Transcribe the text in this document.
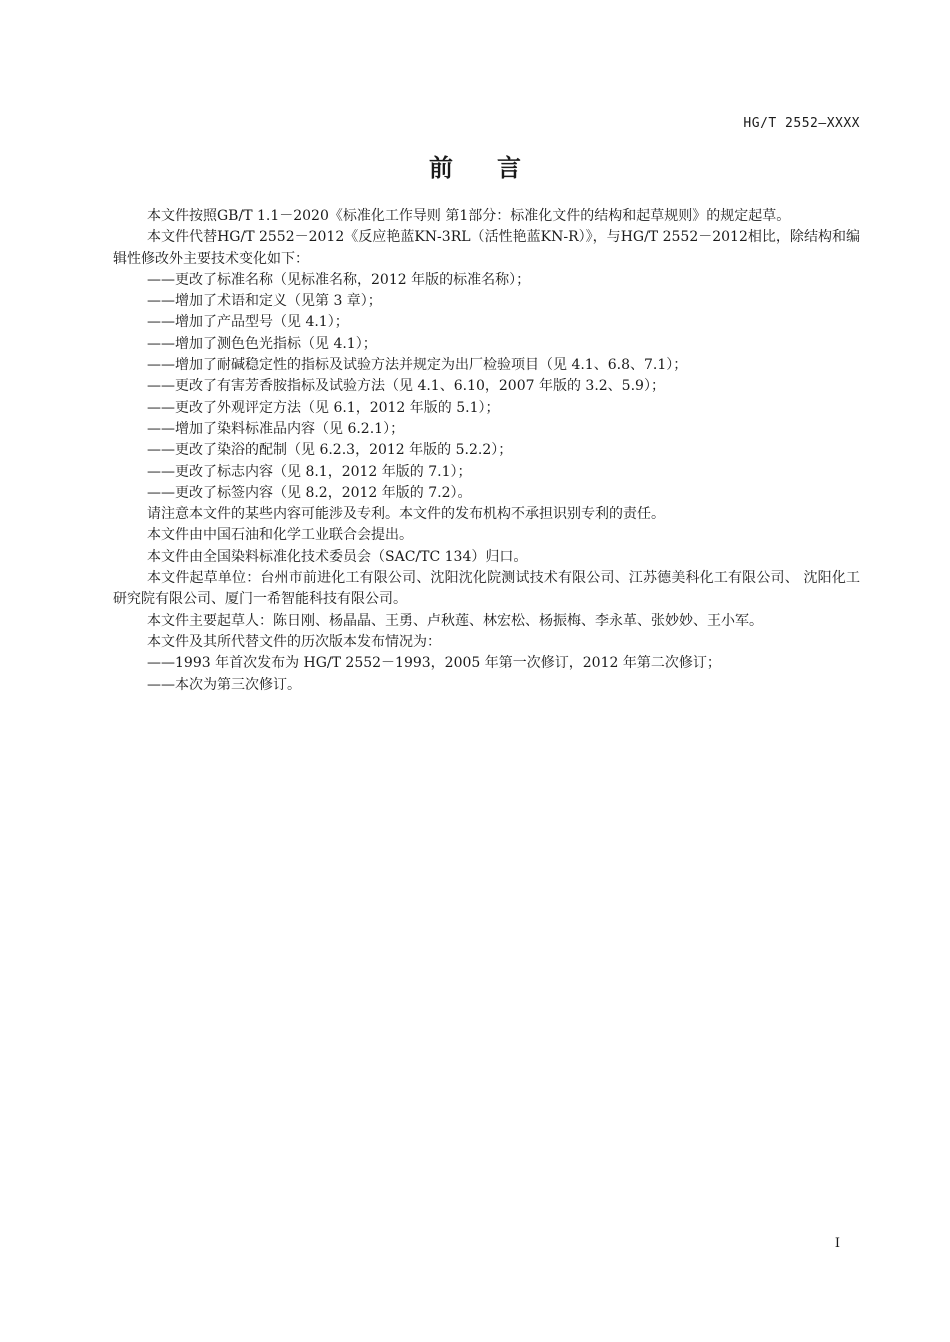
HG/T 2552—XXXX
前 言

本文件按照GB/T 1.1－2020《标准化工作导则 第1部分：标准化文件的结构和起草规则》的规定起草。

本文件代替HG/T 2552－2012《反应艳蓝KN-3RL（活性艳蓝KN-R）》，与HG/T 2552－2012相比，除结构和编辑性修改外主要技术变化如下：

——更改了标准名称（见标准名称，2012 年版的标准名称）；

——增加了术语和定义（见第 3 章）；

——增加了产品型号（见 4.1）；

——增加了测色色光指标（见 4.1）；

——增加了耐碱稳定性的指标及试验方法并规定为出厂检验项目（见 4.1、6.8、7.1）；

——更改了有害芳香胺指标及试验方法（见 4.1、6.10，2007 年版的 3.2、5.9）；

——更改了外观评定方法（见 6.1，2012 年版的 5.1）；

——增加了染料标准品内容（见 6.2.1）；

——更改了染浴的配制（见 6.2.3，2012 年版的 5.2.2）；

——更改了标志内容（见 8.1，2012 年版的 7.1）；

——更改了标签内容（见 8.2，2012 年版的 7.2）。

请注意本文件的某些内容可能涉及专利。本文件的发布机构不承担识别专利的责任。

本文件由中国石油和化学工业联合会提出。

本文件由全国染料标准化技术委员会（SAC/TC 134）归口。

本文件起草单位：台州市前进化工有限公司、沈阳沈化院测试技术有限公司、江苏德美科化工有限公司、 沈阳化工研究院有限公司、厦门一希智能科技有限公司。

本文件主要起草人：陈日刚、杨晶晶、王勇、卢秋莲、林宏松、杨振梅、李永革、张妙妙、王小军。

本文件及其所代替文件的历次版本发布情况为：

——1993 年首次发布为 HG/T 2552－1993，2005 年第一次修订，2012 年第二次修订；

——本次为第三次修订。

I
